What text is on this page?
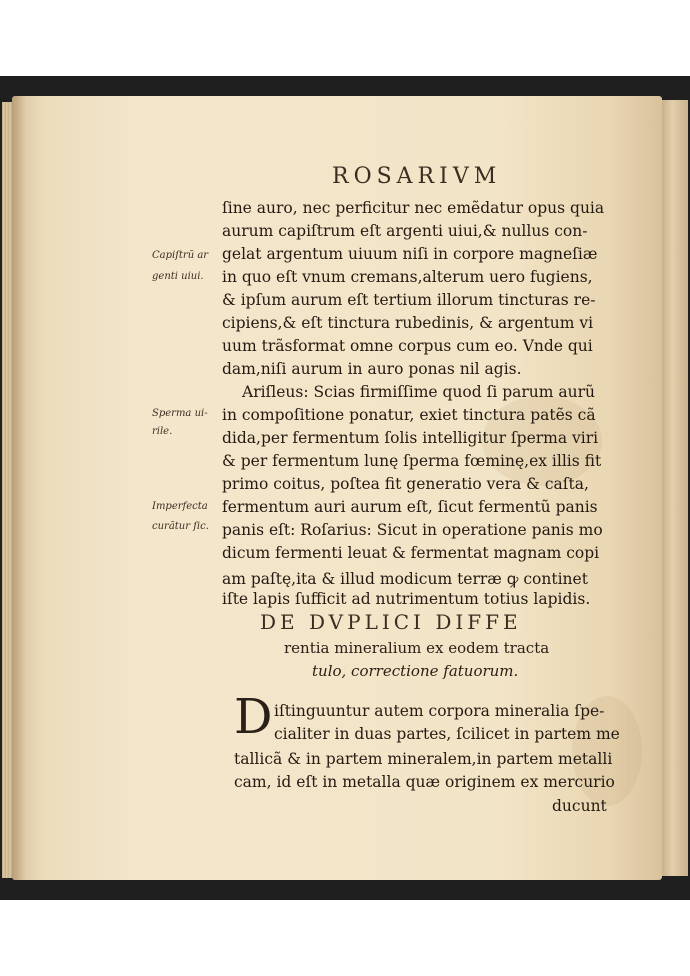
ROSARIVM
ſine auro, nec perficitur nec emẽdatur opus quia
aurum capiſtrum eſt argenti uiui,& nullus con-
gelat argentum uiuum niſi in corpore magneſiæ
in quo eſt vnum cremans,alterum uero fugiens,
& ipſum aurum eſt tertium illorum tincturas re-
cipiens,& eſt tinctura rubedinis, & argentum vi
uum trãsformat omne corpus cum eo. Vnde qui
dam,niſi aurum in auro ponas nil agis.
Ariſleus: Scias firmiſſime quod ſi parum aurũ
in compoſitione ponatur, exiet tinctura patẽs cã
dida,per fermentum ſolis intelligitur ſperma viri
& per fermentum lunę ſperma fœminę,ex illis fit
primo coitus, poſtea fit generatio vera & caſta,
fermentum auri aurum eſt, ſicut fermentũ panis
panis eſt: Roſarius: Sicut in operatione panis mo
dicum fermenti leuat & fermentat magnam copi
am paſtę,ita & illud modicum terræ ꝙ continet
iſte lapis ſufficit ad nutrimentum totius lapidis.
Capiſtrũ ar
genti uiui.
Sperma ui-
rile.
Imperfecta
curãtur ſic.
DE DVPLICI DIFFE
rentia mineralium ex eodem tracta
tulo, correctione fatuorum.
D iſtinguuntur autem corpora mineralia ſpe-
cialiter in duas partes, ſcilicet in partem me
tallicã & in partem mineralem,in partem metalli
cam, id eſt in metalla quæ originem ex mercurio
ducunt
